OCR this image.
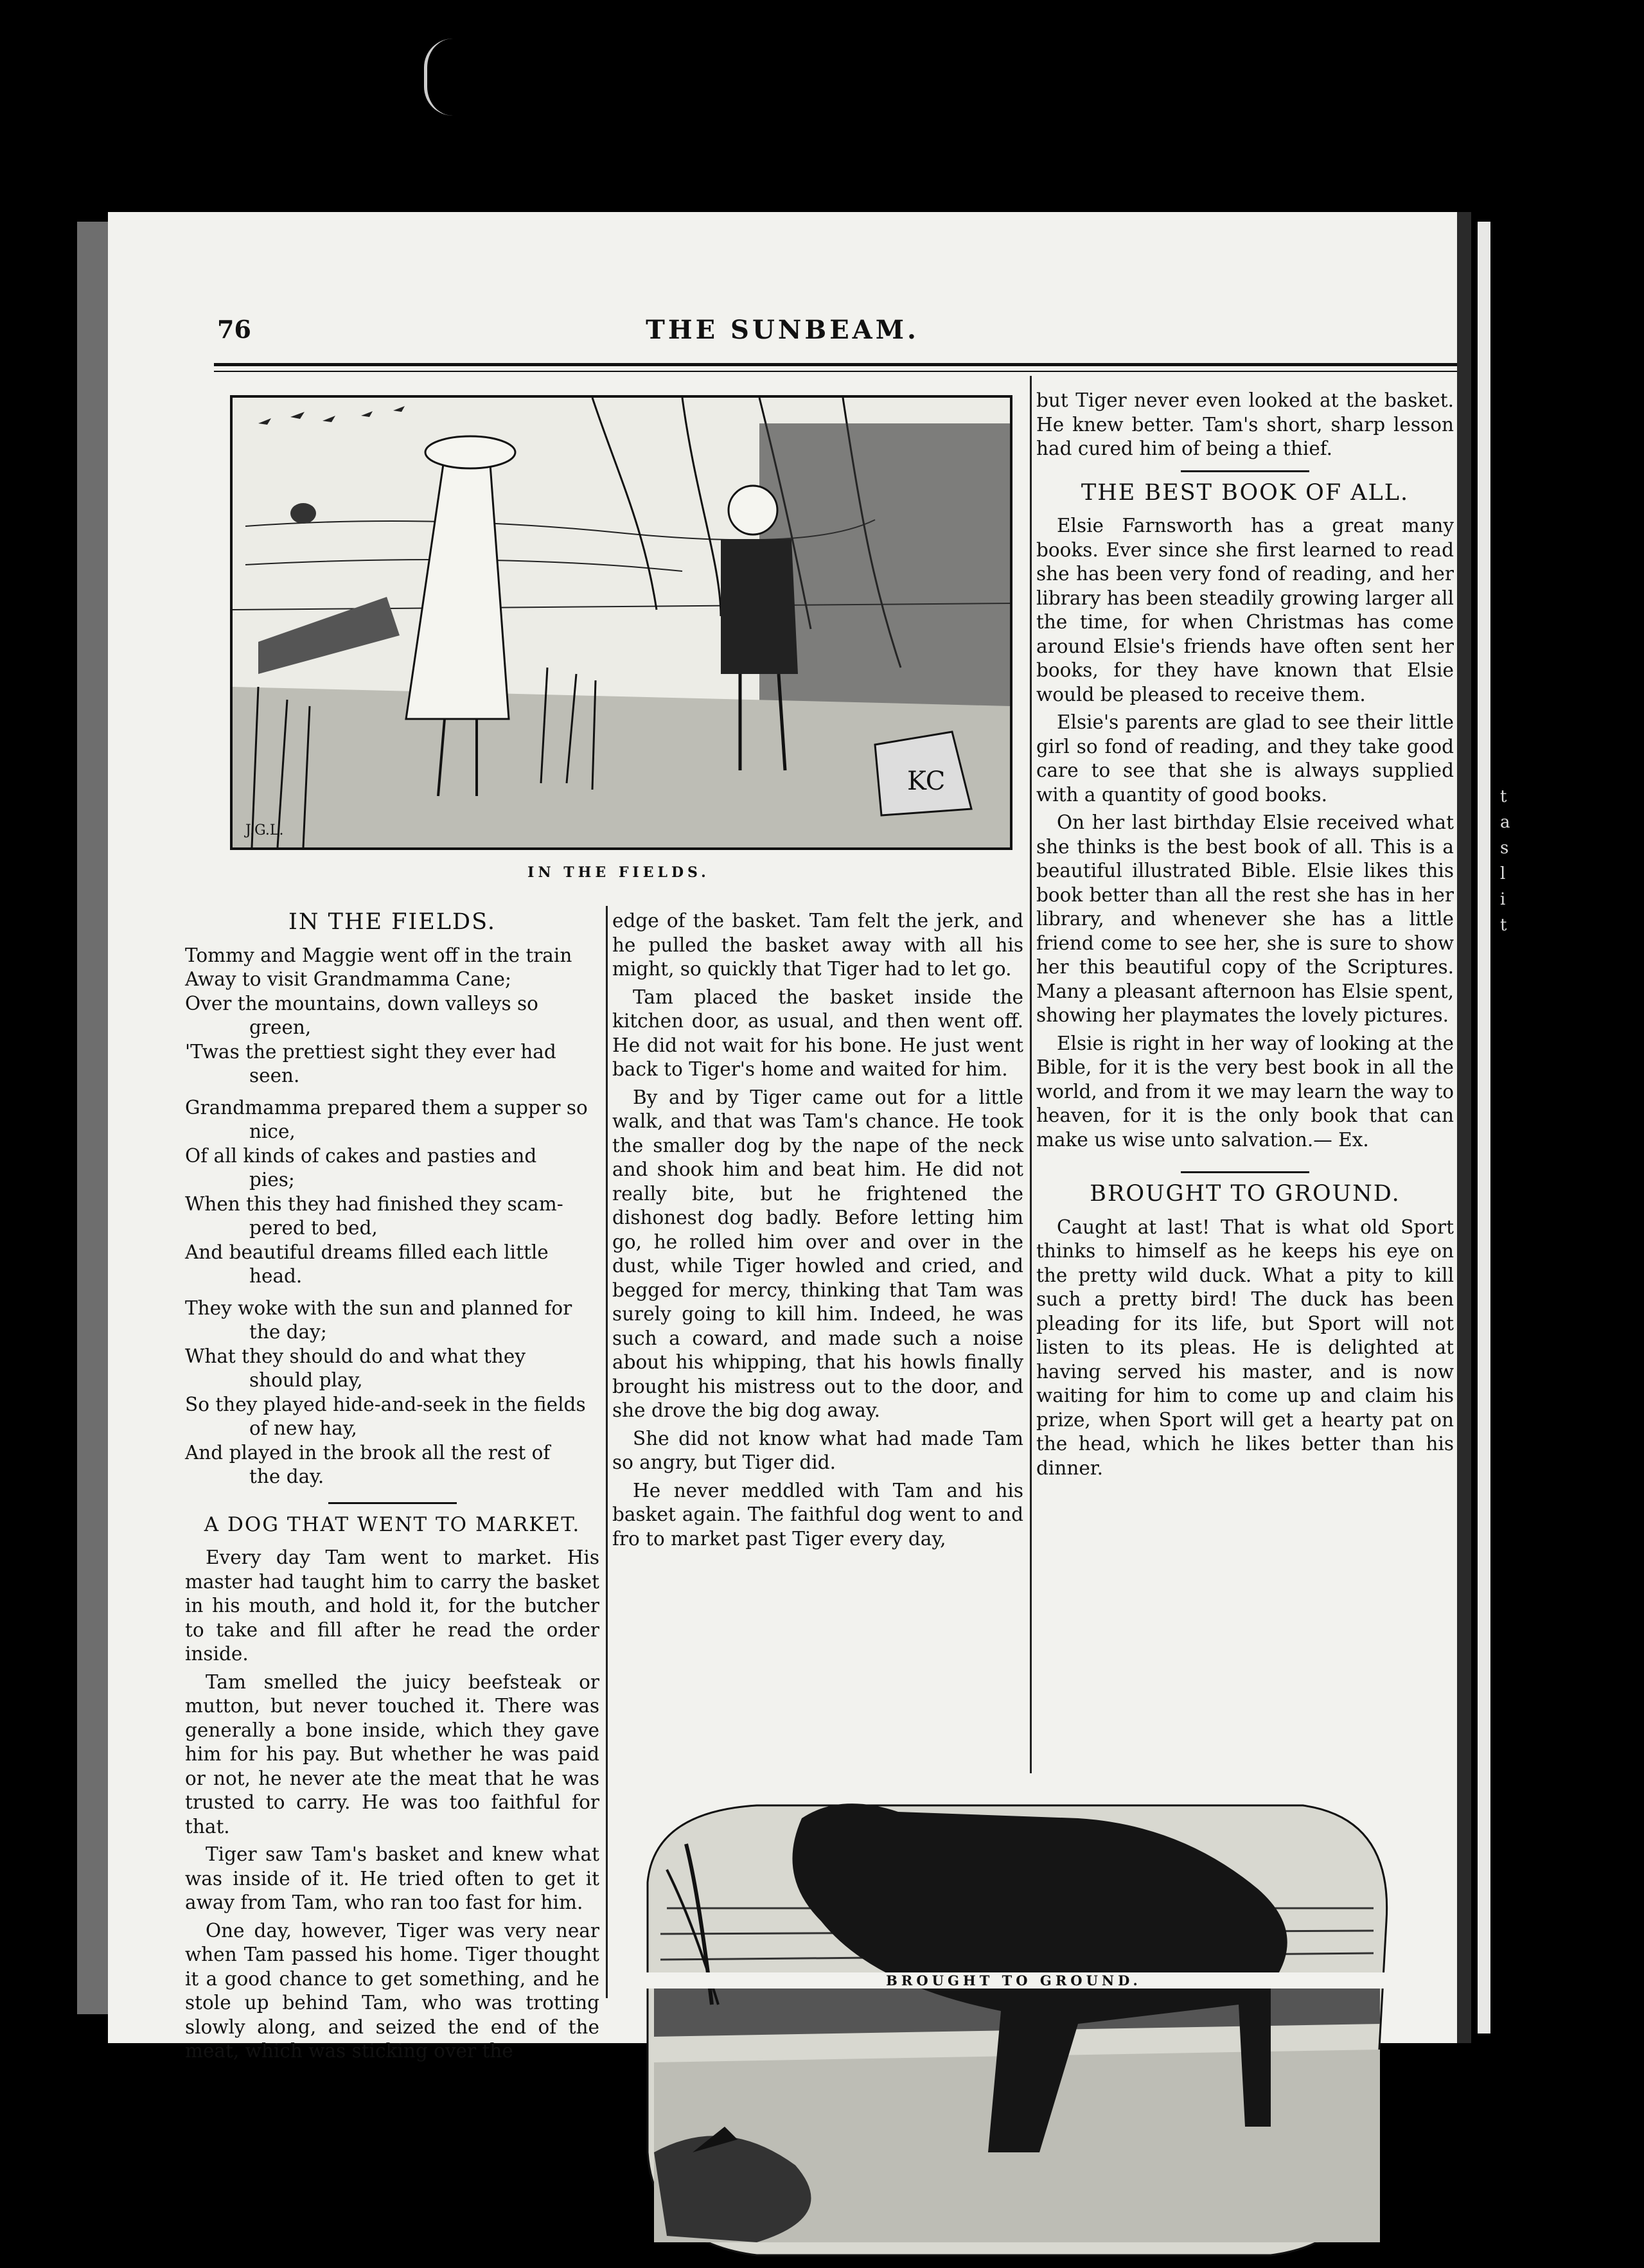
76	THE SUNBEAM.
KC
J.G.L.
IN THE FIELDS.
IN THE FIELDS.
Tommy and Maggie went off in the train
Away to visit Grandmamma Cane;
Over the mountains, down valleys so
green,
'Twas the prettiest sight they ever had
seen.
Grandmamma prepared them a supper so
nice,
Of all kinds of cakes and pasties and
pies;
When this they had finished they scam-
pered to bed,
And beautiful dreams filled each little
head.
They woke with the sun and planned for
the day;
What they should do and what they
should play,
So they played hide-and-seek in the fields
of new hay,
And played in the brook all the rest of
the day.
A DOG THAT WENT TO MARKET.

Every day Tam went to market. His master had taught him to carry the basket in his mouth, and hold it, for the butcher to take and fill after he read the order inside.

Tam smelled the juicy beefsteak or mutton, but never touched it. There was generally a bone inside, which they gave him for his pay. But whether he was paid or not, he never ate the meat that he was trusted to carry. He was too faithful for that.

Tiger saw Tam's basket and knew what was inside of it. He tried often to get it away from Tam, who ran too fast for him.

One day, however, Tiger was very near when Tam passed his home. Tiger thought it a good chance to get something, and he stole up behind Tam, who was trotting slowly along, and seized the end of the meat, which was sticking over the

edge of the basket. Tam felt the jerk, and he pulled the basket away with all his might, so quickly that Tiger had to let go.

Tam placed the basket inside the kitchen door, as usual, and then went off. He did not wait for his bone. He just went back to Tiger's home and waited for him.

By and by Tiger came out for a little walk, and that was Tam's chance. He took the smaller dog by the nape of the neck and shook him and beat him. He did not really bite, but he frightened the dishonest dog badly. Before letting him go, he rolled him over and over in the dust, while Tiger howled and cried, and begged for mercy, thinking that Tam was surely going to kill him. Indeed, he was such a coward, and made such a noise about his whipping, that his howls finally brought his mistress out to the door, and she drove the big dog away.

She did not know what had made Tam so angry, but Tiger did.

He never meddled with Tam and his basket again. The faithful dog went to and fro to market past Tiger every day,

but Tiger never even looked at the basket. He knew better. Tam's short, sharp lesson had cured him of being a thief.

THE BEST BOOK OF ALL.

Elsie Farnsworth has a great many books. Ever since she first learned to read she has been very fond of reading, and her library has been steadily growing larger all the time, for when Christmas has come around Elsie's friends have often sent her books, for they have known that Elsie would be pleased to receive them.

Elsie's parents are glad to see their little girl so fond of reading, and they take good care to see that she is always supplied with a quantity of good books.

On her last birthday Elsie received what she thinks is the best book of all. This is a beautiful illustrated Bible. Elsie likes this book better than all the rest she has in her library, and whenever she has a little friend come to see her, she is sure to show her this beautiful copy of the Scriptures. Many a pleasant afternoon has Elsie spent, showing her playmates the lovely pictures.

Elsie is right in her way of looking at the Bible, for it is the very best book in all the world, and from it we may learn the way to heaven, for it is the only book that can make us wise unto salvation.— Ex.

BROUGHT TO GROUND.

Caught at last! That is what old Sport thinks to himself as he keeps his eye on the pretty wild duck. What a pity to kill such a pretty bird! The duck has been pleading for its life, but Sport will not listen to its pleas. He is delighted at having served his master, and is now waiting for him to come up and claim his prize, when Sport will get a hearty pat on the head, which he likes better than his dinner.

BROUGHT TO GROUND.
t
a
s
l
i
t
